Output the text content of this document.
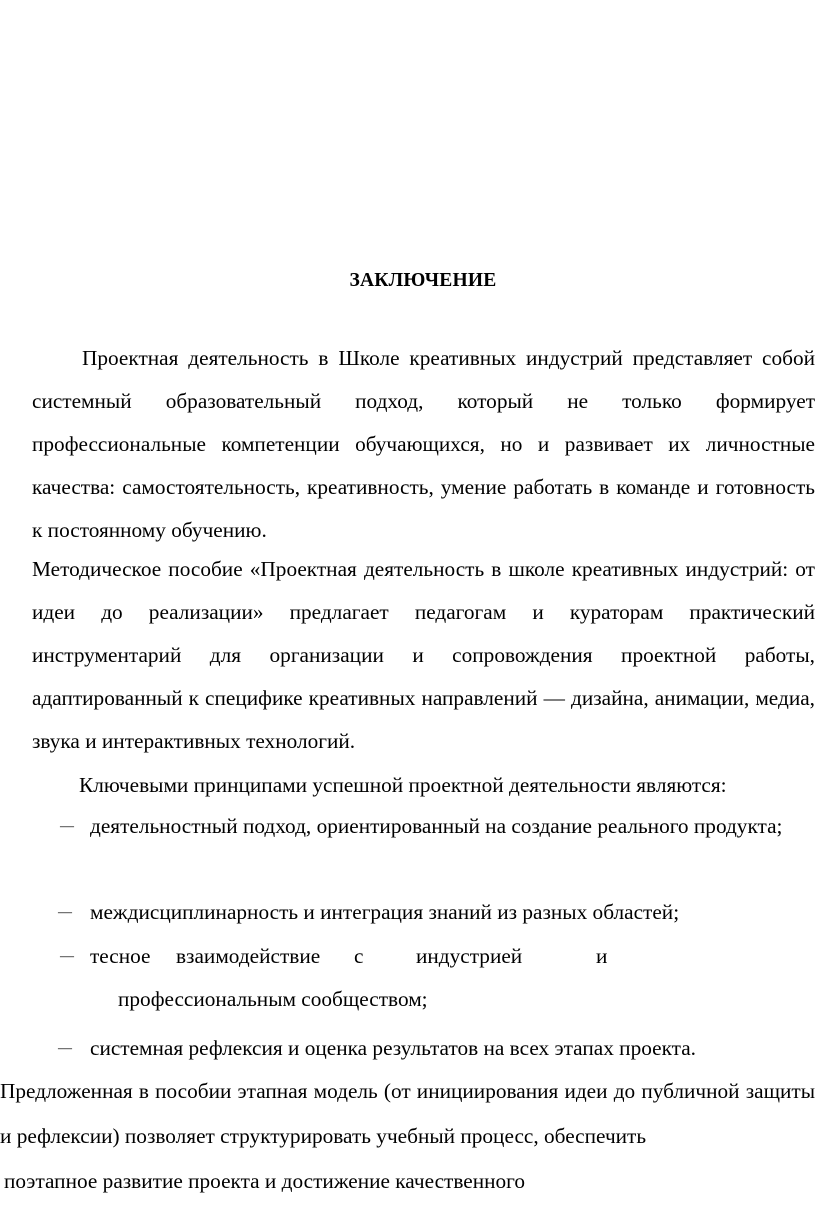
ЗАКЛЮЧЕНИЕ
Проектная деятельность в Школе креативных индустрий представляет собой системный образовательный подход, который не только формирует профессиональные компетенции обучающихся, но и развивает их личностные качества: самостоятельность, креативность, умение работать в команде и готовность к постоянному обучению.
Методическое пособие «Проектная деятельность в школе креативных индустрий: от идеи до реализации» предлагает педагогам и кураторам практический инструментарий для организации и сопровождения проектной работы, адаптированный к специфике креативных направлений — дизайна, анимации, медиа, звука и интерактивных технологий.
Ключевыми принципами успешной проектной деятельности являются:
— деятельностный подход, ориентированный на создание реального продукта;
— междисциплинарность и интеграция знаний из разных областей;
— тесное взаимодействие с индустрией	и
профессиональным сообществом;
— системная рефлексия и оценка результатов на всех этапах проекта.
Предложенная в пособии этапная модель (от инициирования идеи до публичной защиты и рефлексии) позволяет структурировать учебный процесс, обеспечить
поэтапное развитие проекта и достижение качественного
